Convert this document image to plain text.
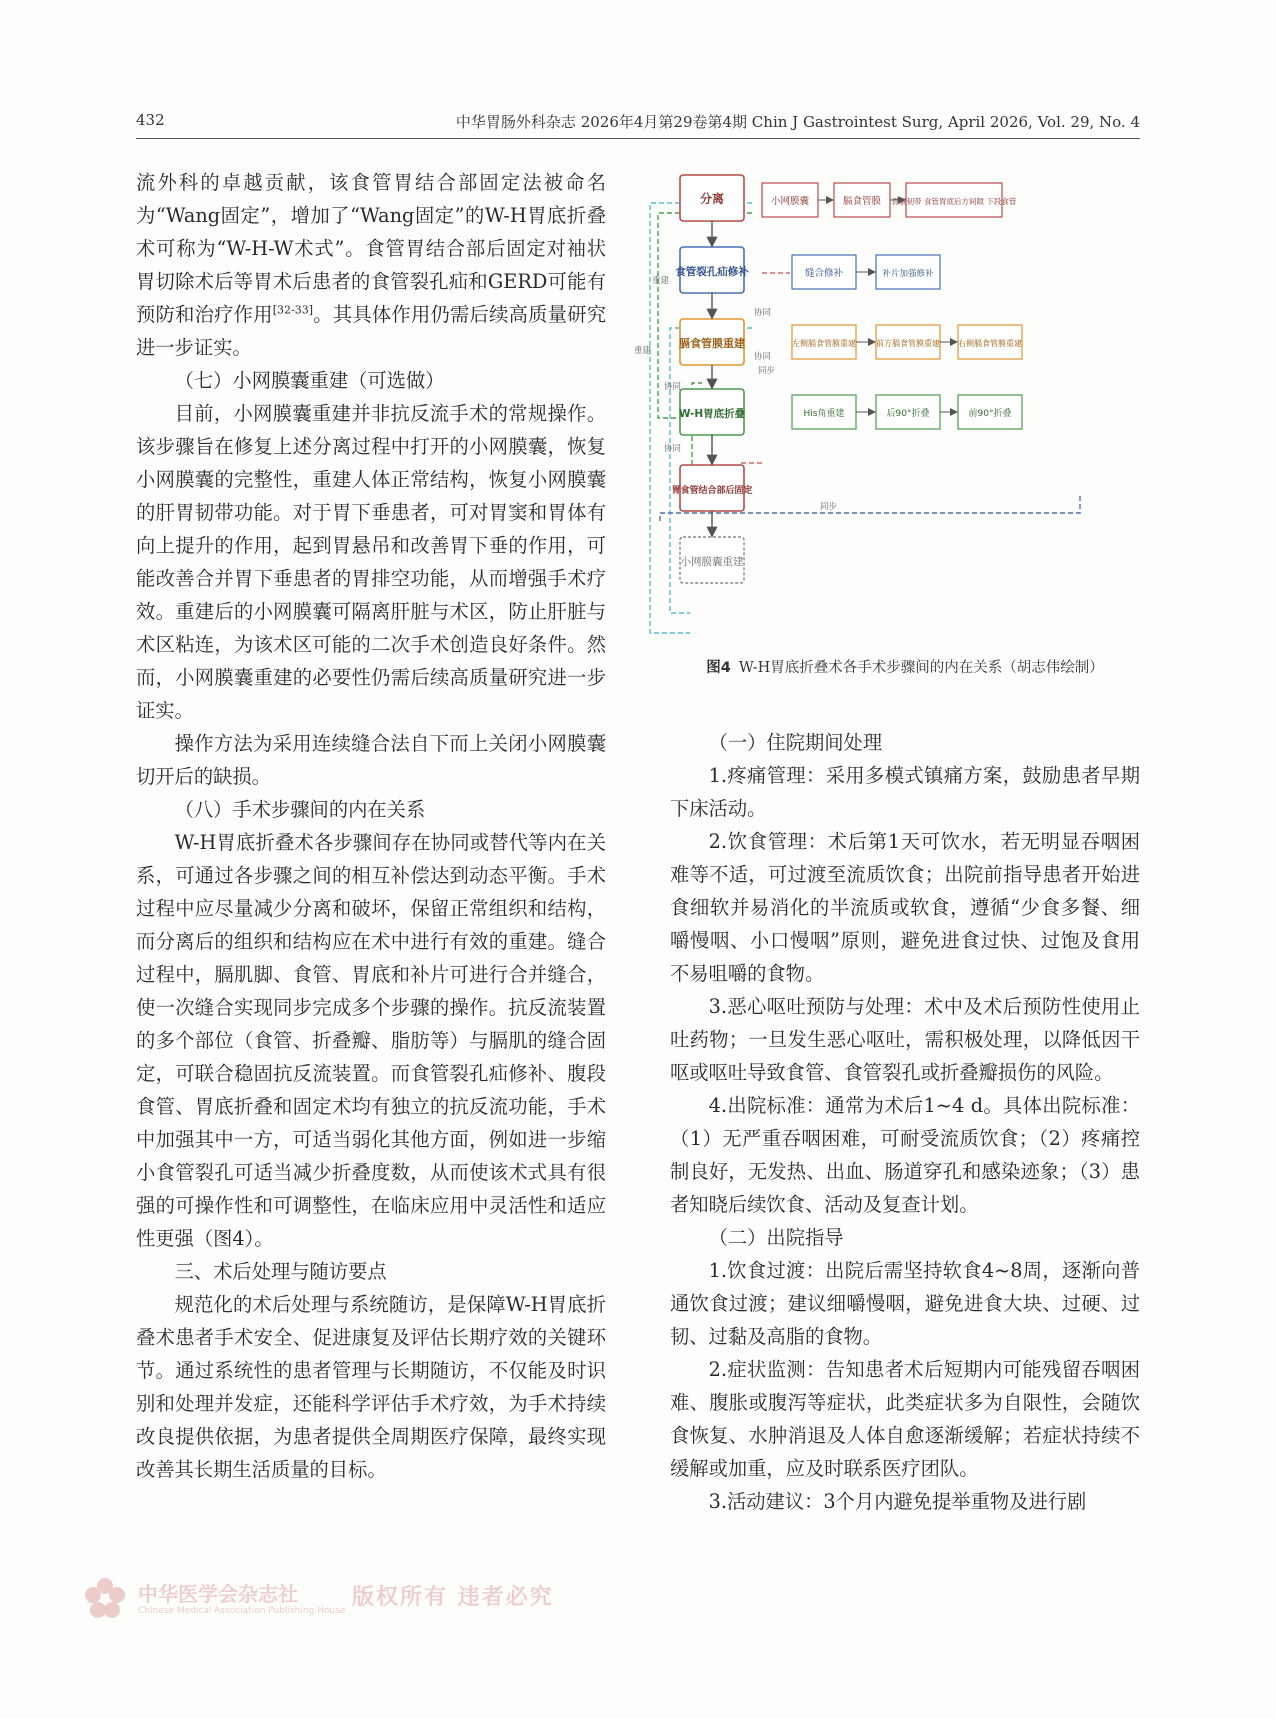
432	中华胃肠外科杂志 2026年4月第29卷第4期 Chin J Gastrointest Surg, April 2026, Vol. 29, No. 4

流外科的卓越贡献，该食管胃结合部固定法被命名为“Wang固定”，增加了“Wang固定”的W-H胃底折叠术可称为“W-H-W术式”。食管胃结合部后固定对袖状胃切除术后等胃术后患者的食管裂孔疝和GERD可能有预防和治疗作用[32-33]。其具体作用仍需后续高质量研究进一步证实。

（七）小网膜囊重建（可选做）

目前，小网膜囊重建并非抗反流手术的常规操作。该步骤旨在修复上述分离过程中打开的小网膜囊，恢复小网膜囊的完整性，重建人体正常结构，恢复小网膜囊的肝胃韧带功能。对于胃下垂患者，可对胃窦和胃体有向上提升的作用，起到胃悬吊和改善胃下垂的作用，可能改善合并胃下垂患者的胃排空功能，从而增强手术疗效。重建后的小网膜囊可隔离肝脏与术区，防止肝脏与术区粘连，为该术区可能的二次手术创造良好条件。然而，小网膜囊重建的必要性仍需后续高质量研究进一步证实。

操作方法为采用连续缝合法自下而上关闭小网膜囊切开后的缺损。

（八）手术步骤间的内在关系

W-H胃底折叠术各步骤间存在协同或替代等内在关系，可通过各步骤之间的相互补偿达到动态平衡。手术过程中应尽量减少分离和破坏，保留正常组织和结构，而分离后的组织和结构应在术中进行有效的重建。缝合过程中，膈肌脚、食管、胃底和补片可进行合并缝合，使一次缝合实现同步完成多个步骤的操作。抗反流装置的多个部位（食管、折叠瓣、脂肪等）与膈肌的缝合固定，可联合稳固抗反流装置。而食管裂孔疝修补、腹段食管、胃底折叠和固定术均有独立的抗反流功能，手术中加强其中一方，可适当弱化其他方面，例如进一步缩小食管裂孔可适当减少折叠度数，从而使该术式具有很强的可操作性和可调整性，在临床应用中灵活性和适应性更强（图4）。

三、术后处理与随访要点

规范化的术后处理与系统随访，是保障W-H胃底折叠术患者手术安全、促进康复及评估长期疗效的关键环节。通过系统性的患者管理与长期随访，不仅能及时识别和处理并发症，还能科学评估手术疗效，为手术持续改良提供依据，为患者提供全周期医疗保障，最终实现改善其长期生活质量的目标。

分离
食管裂孔疝修补
膈食管膜重建
W-H胃底折叠
胃食管结合部后固定
小网膜囊重建
小网膜囊	膈食管膜 胃膈韧带 食管胃底后方间隙 下段食管
缝合修补	补片加强修补
左侧膈食管膜重建	前方膈食管膜重建 右侧膈食管膜重建
His角重建	后90°折叠	前90°折叠
重建
重建
协同
协同
协同
协同
同步
同步
图4 W-H胃底折叠术各手术步骤间的内在关系（胡志伟绘制）

（一）住院期间处理

1.疼痛管理：采用多模式镇痛方案，鼓励患者早期下床活动。

2.饮食管理：术后第1天可饮水，若无明显吞咽困难等不适，可过渡至流质饮食；出院前指导患者开始进食细软并易消化的半流质或软食，遵循“少食多餐、细嚼慢咽、小口慢咽”原则，避免进食过快、过饱及食用不易咀嚼的食物。

3.恶心呕吐预防与处理：术中及术后预防性使用止吐药物；一旦发生恶心呕吐，需积极处理，以降低因干呕或呕吐导致食管、食管裂孔或折叠瓣损伤的风险。

4.出院标准：通常为术后1~4 d。具体出院标准：（1）无严重吞咽困难，可耐受流质饮食；（2）疼痛控制良好，无发热、出血、肠道穿孔和感染迹象；（3）患者知晓后续饮食、活动及复查计划。

（二）出院指导

1.饮食过渡：出院后需坚持软食4~8周，逐渐向普通饮食过渡；建议细嚼慢咽，避免进食大块、过硬、过韧、过黏及高脂的食物。

2.症状监测：告知患者术后短期内可能残留吞咽困难、腹胀或腹泻等症状，此类症状多为自限性，会随饮食恢复、水肿消退及人体自愈逐渐缓解；若症状持续不缓解或加重，应及时联系医疗团队。

3.活动建议：3个月内避免提举重物及进行剧

中华医学会杂志社
Chinese Medical Association Publishing House
版权所有 违者必究
